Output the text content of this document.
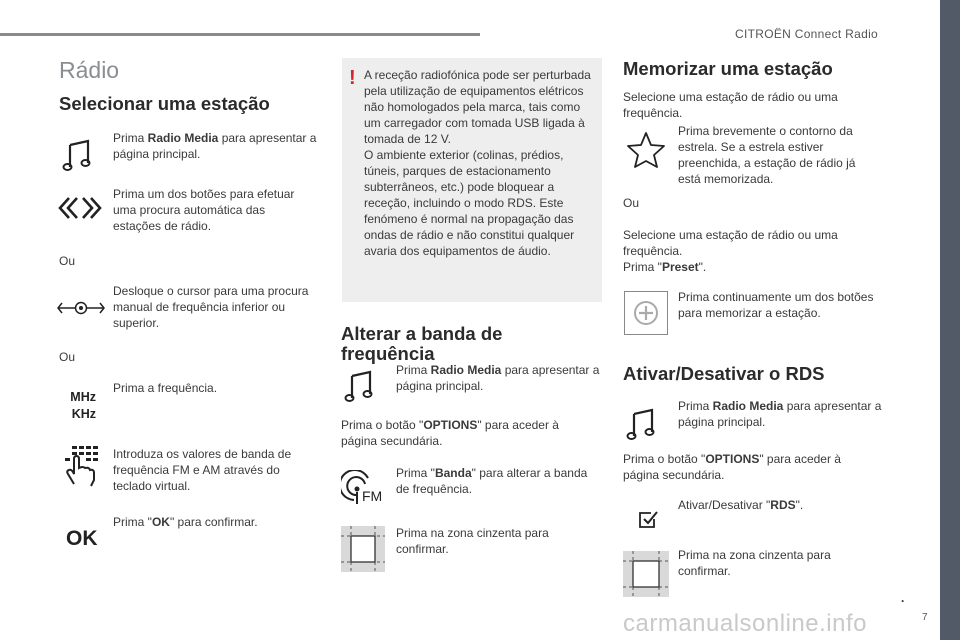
CITROËN Connect Radio
.
7
carmanualsonline.info
Rádio
Selecionar uma estação
Prima Radio Media para apresentar a página principal.
Prima um dos botões para efetuar uma procura automática das estações de rádio.
Ou
Desloque o cursor para uma procura manual de frequência inferior ou superior.
Ou
MHz
KHz
Prima a frequência.
Introduza os valores de banda de frequência FM e AM através do teclado virtual.
OK
Prima "OK" para confirmar.
! A receção radiofónica pode ser perturbada pela utilização de equipamentos elétricos não homologados pela marca, tais como um carregador com tomada USB ligada à tomada de 12 V.
O ambiente exterior (colinas, prédios, túneis, parques de estacionamento subterrâneos, etc.) pode bloquear a receção, incluindo o modo RDS. Este fenómeno é normal na propagação das ondas de rádio e não constitui qualquer avaria dos equipamentos de áudio.
Alterar a banda de frequência
Prima Radio Media para apresentar a página principal.
Prima o botão "OPTIONS" para aceder à página secundária.
FM
Prima "Banda" para alterar a banda de frequência.
Prima na zona cinzenta para confirmar.
Memorizar uma estação
Selecione uma estação de rádio ou uma frequência.
Prima brevemente o contorno da estrela. Se a estrela estiver preenchida, a estação de rádio já está memorizada.
Ou
Selecione uma estação de rádio ou uma frequência.
Prima "Preset".
Prima continuamente um dos botões para memorizar a estação.
Ativar/Desativar o RDS
Prima Radio Media para apresentar a página principal.
Prima o botão "OPTIONS" para aceder à página secundária.
Ativar/Desativar "RDS".
Prima na zona cinzenta para confirmar.
